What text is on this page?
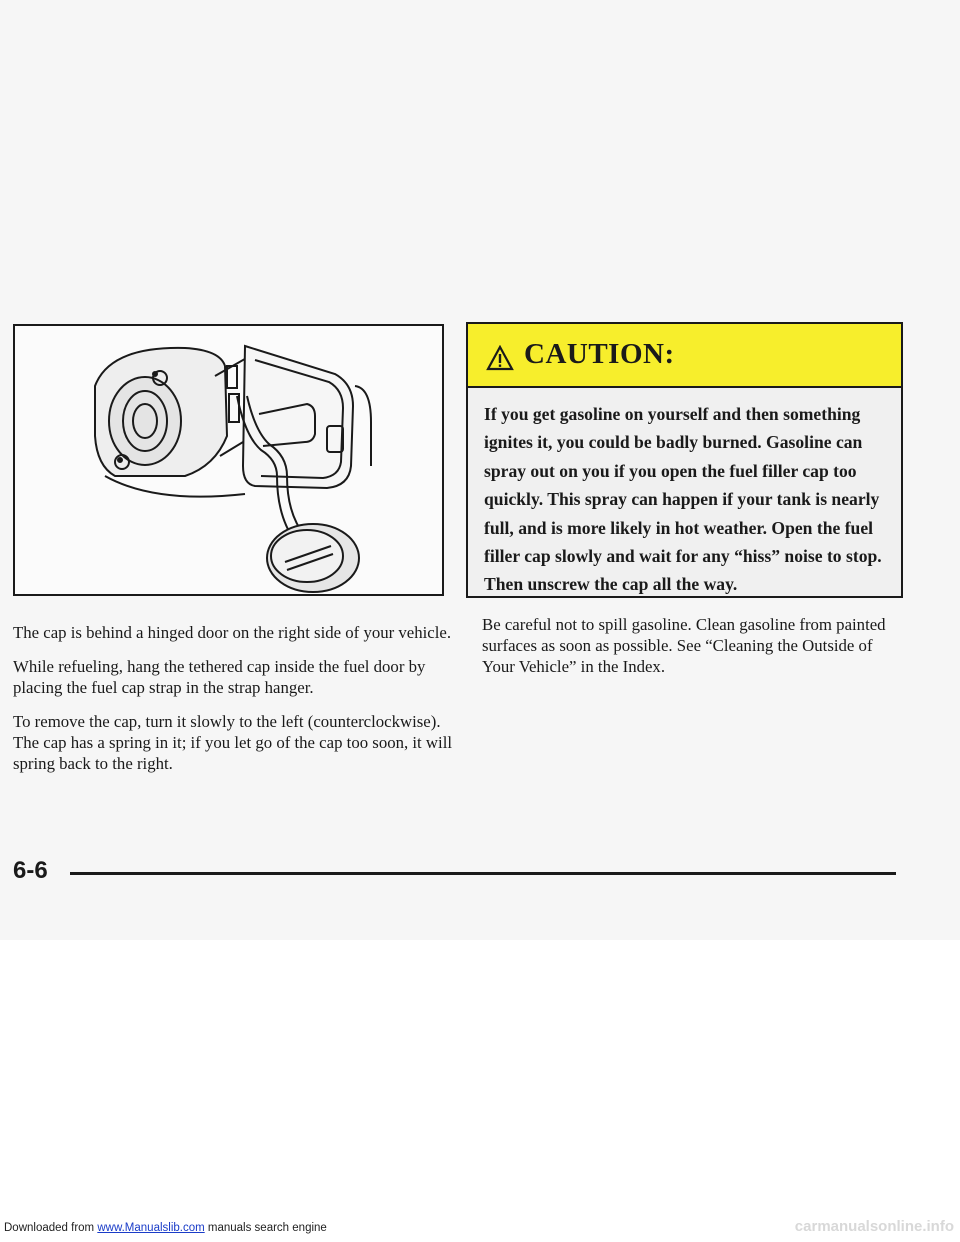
CAUTION:

If you get gasoline on yourself and then something ignites it, you could be badly burned. Gasoline can spray out on you if you open the fuel filler cap too quickly. This spray can happen if your tank is nearly full, and is more likely in hot weather. Open the fuel filler cap slowly and wait for any “hiss” noise to stop. Then unscrew the cap all the way.

The cap is behind a hinged door on the right side of your vehicle.

While refueling, hang the tethered cap inside the fuel door by placing the fuel cap strap in the strap hanger.

To remove the cap, turn it slowly to the left (counterclockwise). The cap has a spring in it; if you let go of the cap too soon, it will spring back to the right.

Be careful not to spill gasoline. Clean gasoline from painted surfaces as soon as possible. See “Cleaning the Outside of Your Vehicle” in the Index.

6-6
Downloaded from www.Manualslib.com manuals search engine	carmanualsonline.info
